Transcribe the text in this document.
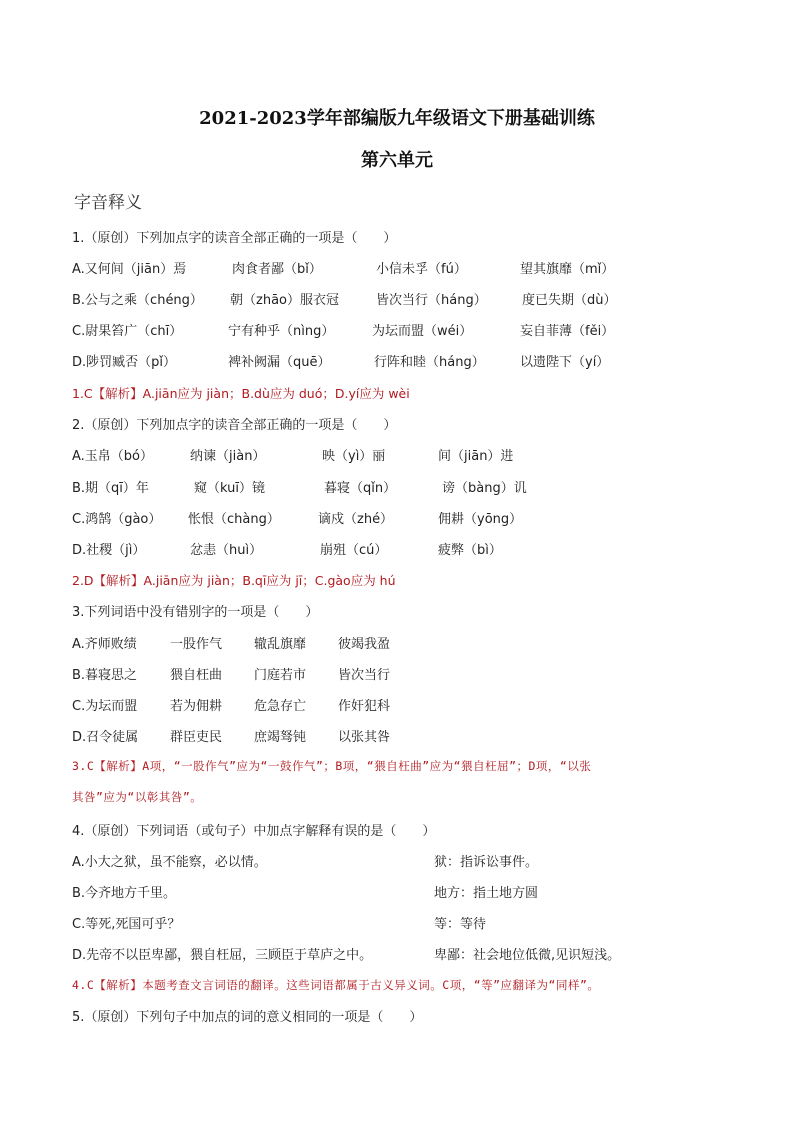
2021-2023学年部编版九年级语文下册基础训练
第六单元
字音释义
1.（原创）下列加点字的读音全部正确的一项是（　　）
A.又何间（jiān）焉	肉食者鄙（bǐ）	小信未孚（fú）	望其旗靡（mǐ）
B.公与之乘（chéng） 朝（zhāo）服衣冠	皆次当行（háng）	度已失期（dù）
C.尉果笞广（chī）	宁有种乎（nìng）	为坛而盟（wéi）	妄自菲薄（fěi）
D.陟罚臧否（pǐ）	裨补阙漏（quē）	行阵和睦（háng）	以遗陛下（yí）
1.C【解析】A.jiān应为 jiàn；B.dù应为 duó；D.yí应为 wèi
2.（原创）下列加点字的读音全部正确的一项是（　　）
A.玉帛（bó）	纳谏（jiàn）	映（yì）丽	间（jiān）进
B.期（qī）年	窥（kuī）镜	暮寝（qǐn）	谤（bàng）讥
C.鸿鹄（gào） 怅恨（chàng）	谪戍（zhé）	佣耕（yōng）
D.社稷（jì）	忿恚（huì）	崩殂（cú）	疲弊（bì）
2.D【解析】A.jiān应为 jiàn；B.qī应为 jī；C.gào应为 hú
3.下列词语中没有错别字的一项是（　　）
A.齐师败绩	一股作气 辙乱旗靡 彼竭我盈
B.暮寝思之	猥自枉曲 门庭若市 皆次当行
C.为坛而盟	若为佣耕 危急存亡 作奸犯科
D.召令徒属 群臣吏民 庶竭驽钝 以张其咎
3.C【解析】A项，“一股作气”应为“一鼓作气”；B项，“猥自枉曲”应为“猥自枉屈”；D项，“以张
其咎”应为“以彰其咎”。
4.（原创）下列词语（或句子）中加点字解释有误的是（　　）
A.小大之狱，虽不能察，必以情。	狱：指诉讼事件。
B.今齐地方千里。	地方：指土地方圆
C.等死,死国可乎？	等：等待
D.先帝不以臣卑鄙，猥自枉屈，三顾臣于草庐之中。	卑鄙：社会地位低微,见识短浅。
4.C【解析】本题考查文言词语的翻译。这些词语都属于古义异义词。C项，“等”应翻译为“同样”。
5.（原创）下列句子中加点的词的意义相同的一项是（　　）
